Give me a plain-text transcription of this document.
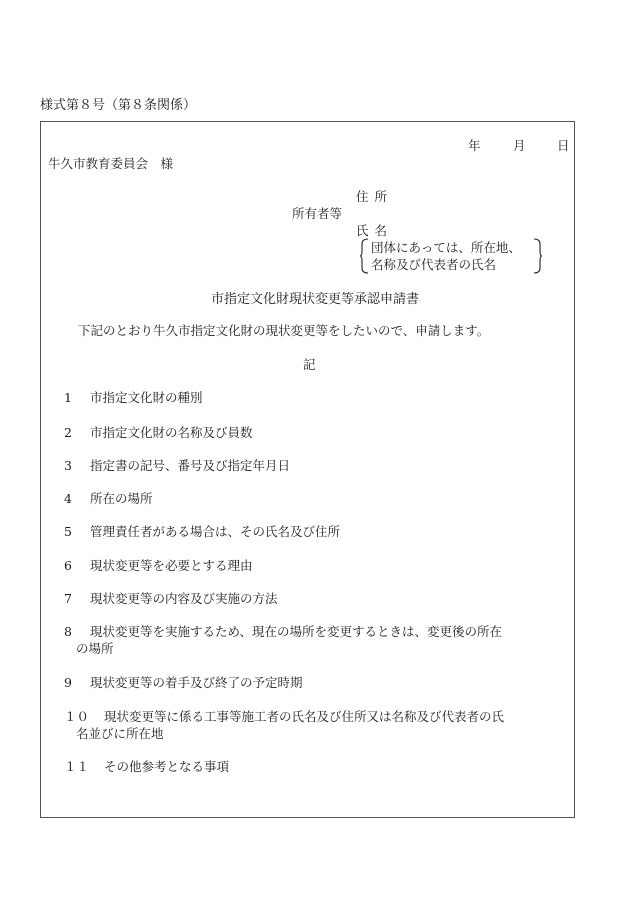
様式第８号（第８条関係）
年	月	日
牛久市教育委員会　様
住所
所有者等
氏名
団体にあっては、所在地、
名称及び代表者の氏名
市指定文化財現状変更等承認申請書
下記のとおり牛久市指定文化財の現状変更等をしたいので、申請します。
記
1 市指定文化財の種別
2 市指定文化財の名称及び員数
3 指定書の記号、番号及び指定年月日
4 所在の場所
5 管理責任者がある場合は、その氏名及び住所
6 現状変更等を必要とする理由
7 現状変更等の内容及び実施の方法
8 現状変更等を実施するため、現在の場所を変更するときは、変更後の所在
の場所
9 現状変更等の着手及び終了の予定時期
１０ 現状変更等に係る工事等施工者の氏名及び住所又は名称及び代表者の氏
名並びに所在地
１１ その他参考となる事項
